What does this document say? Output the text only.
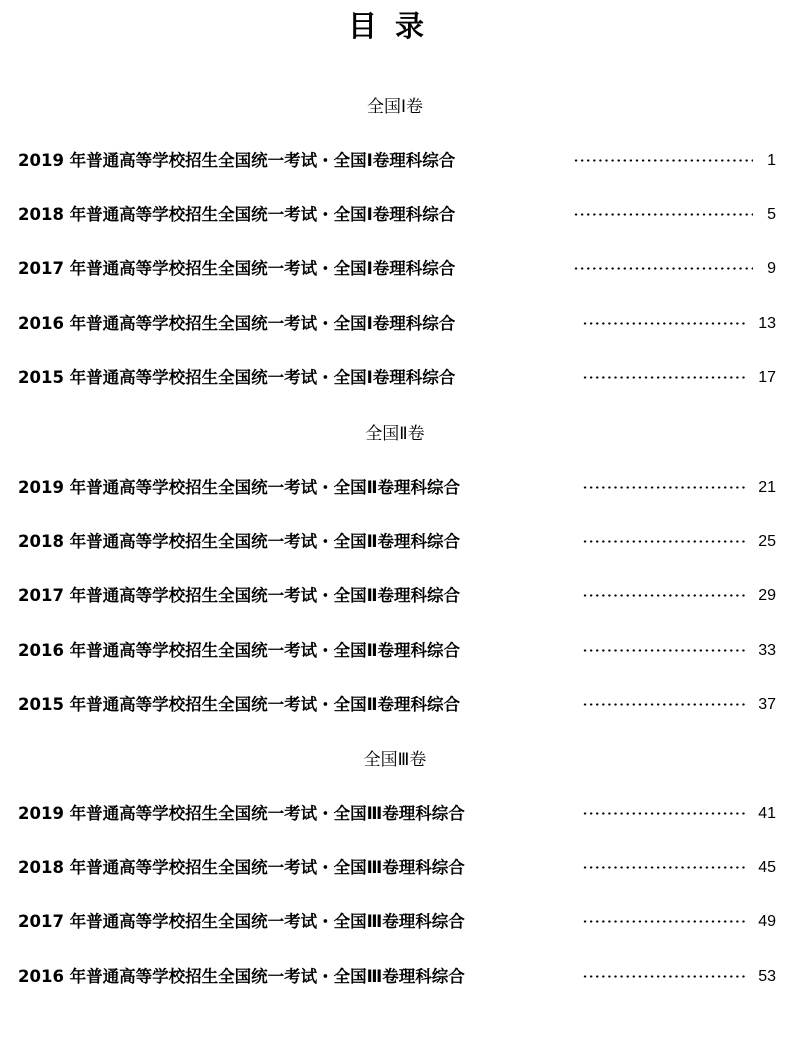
目录
全国Ⅰ卷
2019 年普通高等学校招生全国统一考试・全国Ⅰ卷理科综合	1
2018 年普通高等学校招生全国统一考试・全国Ⅰ卷理科综合	5
2017 年普通高等学校招生全国统一考试・全国Ⅰ卷理科综合	9
2016 年普通高等学校招生全国统一考试・全国Ⅰ卷理科综合	13
2015 年普通高等学校招生全国统一考试・全国Ⅰ卷理科综合	17
全国Ⅱ卷
2019 年普通高等学校招生全国统一考试・全国Ⅱ卷理科综合	21
2018 年普通高等学校招生全国统一考试・全国Ⅱ卷理科综合	25
2017 年普通高等学校招生全国统一考试・全国Ⅱ卷理科综合	29
2016 年普通高等学校招生全国统一考试・全国Ⅱ卷理科综合	33
2015 年普通高等学校招生全国统一考试・全国Ⅱ卷理科综合	37
全国Ⅲ卷
2019 年普通高等学校招生全国统一考试・全国Ⅲ卷理科综合	41
2018 年普通高等学校招生全国统一考试・全国Ⅲ卷理科综合	45
2017 年普通高等学校招生全国统一考试・全国Ⅲ卷理科综合	49
2016 年普通高等学校招生全国统一考试・全国Ⅲ卷理科综合	53
